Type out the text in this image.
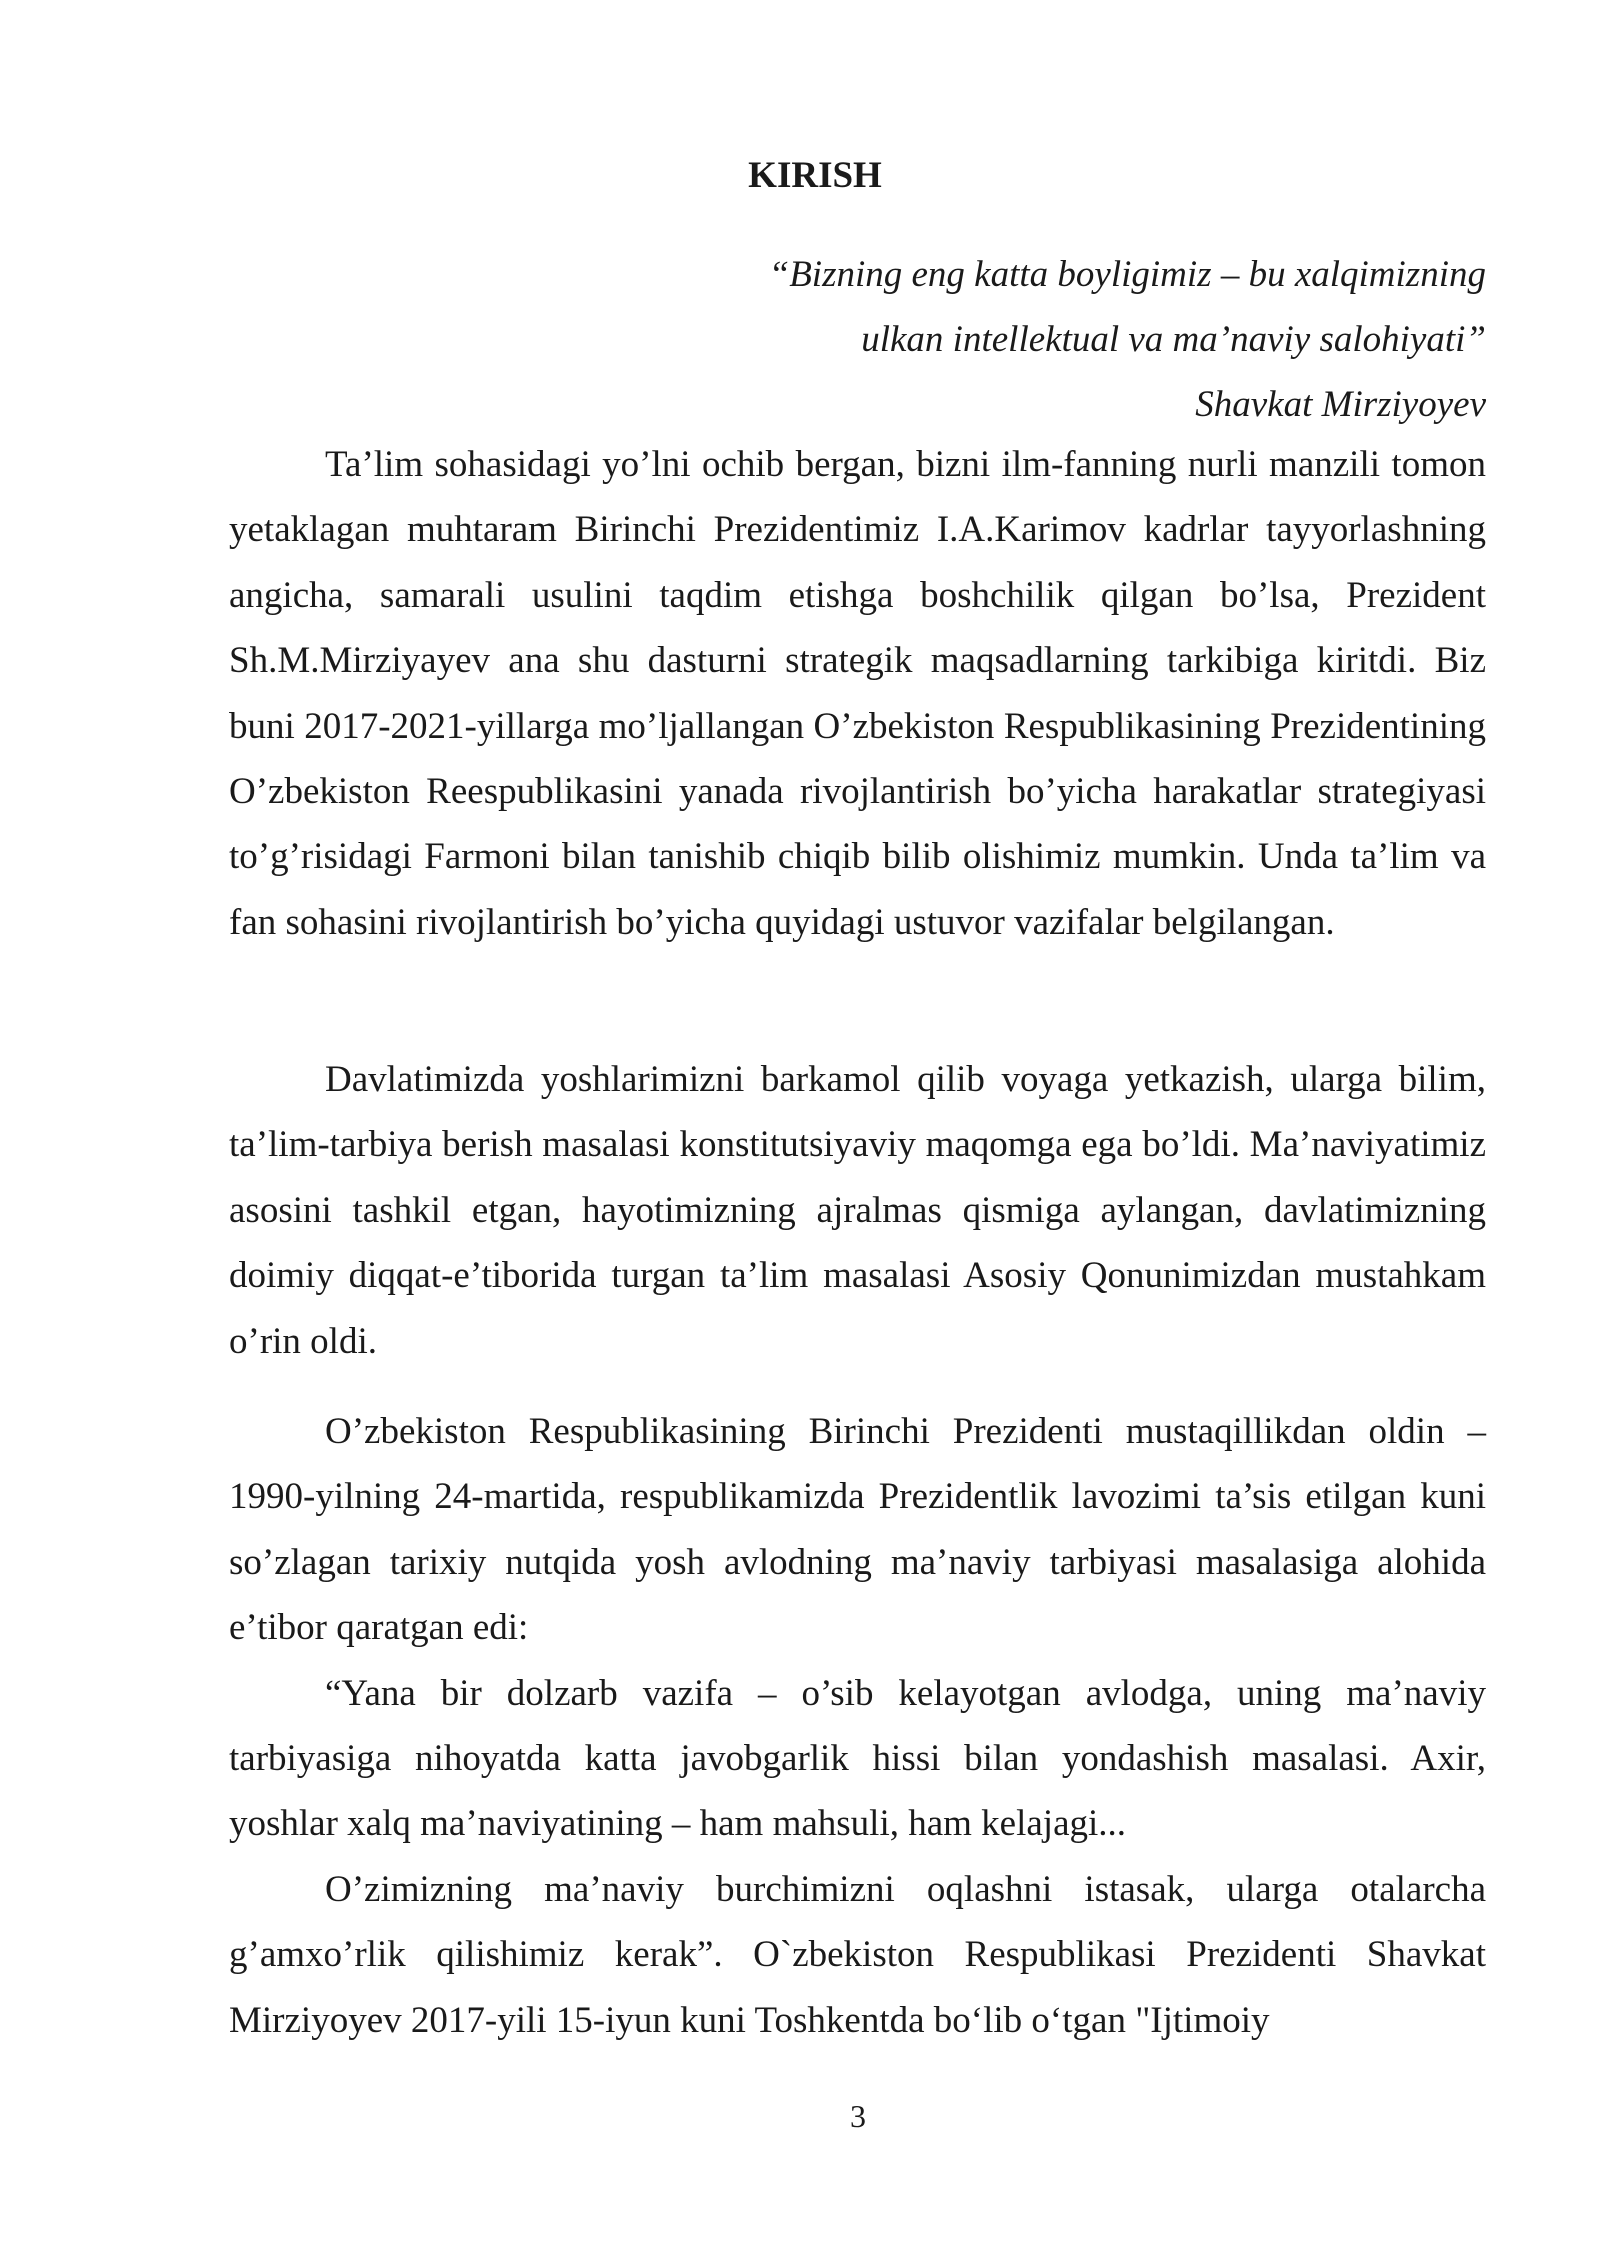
KIRISH
“Bizning eng katta boyligimiz – bu xalqimizning
ulkan intellektual va ma’naviy salohiyati”
Shavkat Mirziyoyev

Ta’lim sohasidagi yo’lni ochib bergan, bizni ilm-fanning nurli manzili tomon yetaklagan muhtaram Birinchi Prezidentimiz I.A.Karimov kadrlar tayyorlashning angicha, samarali usulini taqdim etishga boshchilik qilgan bo’lsa, Prezident Sh.M.Mirziyayev ana shu dasturni strategik maqsadlarning tarkibiga kiritdi. Biz buni 2017-2021-yillarga mo’ljallangan O’zbekiston Respublikasining Prezidentining O’zbekiston Reespublikasini yanada rivojlantirish bo’yicha harakatlar strategiyasi to’g’risidagi Farmoni bilan tanishib chiqib bilib olishimiz mumkin. Unda ta’lim va fan sohasini rivojlantirish bo’yicha quyidagi ustuvor vazifalar belgilangan.

Davlatimizda yoshlarimizni barkamol qilib voyaga yetkazish, ularga bilim, ta’lim-tarbiya berish masalasi konstitutsiyaviy maqomga ega bo’ldi. Ma’naviyatimiz asosini tashkil etgan, hayotimizning ajralmas qismiga aylangan, davlatimizning doimiy diqqat-e’tiborida turgan ta’lim masalasi Asosiy Qonunimizdan mustahkam o’rin oldi.

O’zbekiston Respublikasining Birinchi Prezidenti mustaqillikdan oldin – 1990-yilning 24-martida, respublikamizda Prezidentlik lavozimi ta’sis etilgan kuni so’zlagan tarixiy nutqida yosh avlodning ma’naviy tarbiyasi masalasiga alohida e’tibor qaratgan edi:

“Yana bir dolzarb vazifa – o’sib kelayotgan avlodga, uning ma’naviy tarbiyasiga nihoyatda katta javobgarlik hissi bilan yondashish masalasi. Axir, yoshlar xalq ma’naviyatining – ham mahsuli, ham kelajagi...

O’zimizning ma’naviy burchimizni oqlashni istasak, ularga otalarcha g’amxo’rlik qilishimiz kerak”. O`zbekiston Respublikasi Prezidenti Shavkat Mirziyoyev 2017-yili 15-iyun kuni Toshkentda bo‘lib o‘tgan "Ijtimoiy

3
